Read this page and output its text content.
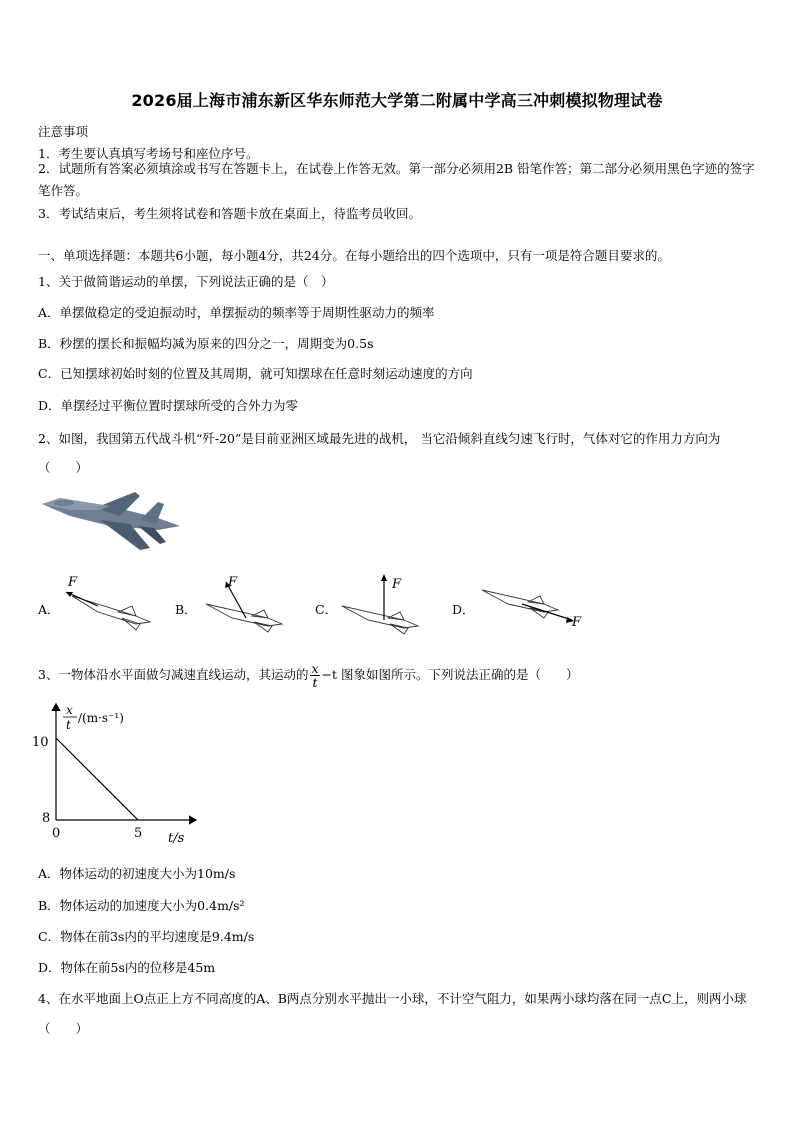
2026届上海市浦东新区华东师范大学第二附属中学高三冲刺模拟物理试卷
注意事项
1．考生要认真填写考场号和座位序号。
2．试题所有答案必须填涂或书写在答题卡上，在试卷上作答无效。第一部分必须用2B 铅笔作答；第二部分必须用黑色字迹的签字笔作答。
3．考试结束后，考生须将试卷和答题卡放在桌面上，待监考员收回。
一、单项选择题：本题共6小题，每小题4分，共24分。在每小题给出的四个选项中，只有一项是符合题目要求的。
1、关于做简谐运动的单摆，下列说法正确的是（　）
A．单摆做稳定的受迫振动时，单摆振动的频率等于周期性驱动力的频率
B．秒摆的摆长和振幅均减为原来的四分之一，周期变为0.5s
C．已知摆球初始时刻的位置及其周期，就可知摆球在任意时刻运动速度的方向
D．单摆经过平衡位置时摆球所受的合外力为零
2、如图，我国第五代战斗机“歼-20”是目前亚洲区域最先进的战机， 当它沿倾斜直线匀速飞行时，气体对它的作用力方向为（　　）
A．	B．	C．	D．
F	F	F
F
3、一物体沿水平面做匀减速直线运动，其运动的 $\frac{x}{t} -t$ 图象如图所示。下列说法正确的是（　　）
x
t /(m·s⁻¹)
10
8
0	5 t/s
A．物体运动的初速度大小为10m/s
B．物体运动的加速度大小为0.4m/s²
C．物体在前3s内的平均速度是9.4m/s
D．物体在前5s内的位移是45m
4、在水平地面上O点正上方不同高度的A、B两点分别水平抛出一小球，不计空气阻力，如果两小球均落在同一点C上，则两小球（　　）
